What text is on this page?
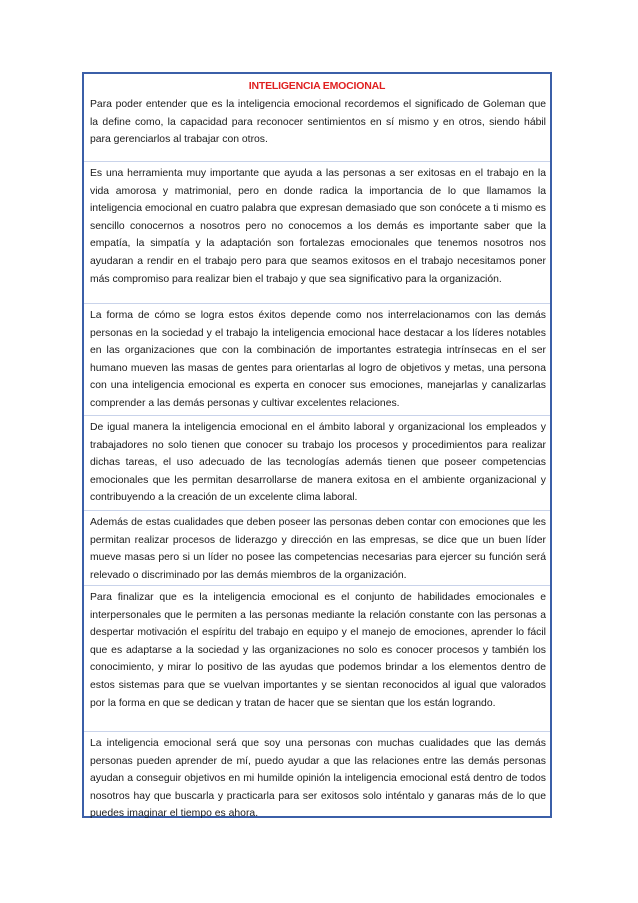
INTELIGENCIA EMOCIONAL
Para poder entender que es la inteligencia emocional recordemos el significado de Goleman que la define como, la capacidad para reconocer sentimientos en sí mismo y en otros, siendo hábil para gerenciarlos al trabajar con otros.
Es una herramienta muy importante que ayuda a las personas a ser exitosas en el trabajo en la vida amorosa y matrimonial, pero en donde radica la importancia de lo que llamamos la inteligencia emocional en cuatro palabra que expresan demasiado que son conócete a ti mismo es sencillo conocernos a nosotros pero no conocemos a los demás es importante saber que la empatía, la simpatía y la adaptación son fortalezas emocionales que tenemos nosotros nos ayudaran a rendir en el trabajo pero para que seamos exitosos en el trabajo necesitamos poner más compromiso para realizar bien el trabajo y que sea significativo para la organización.
La forma de cómo se logra estos éxitos depende como nos interrelacionamos con las demás personas en la sociedad y el trabajo la inteligencia emocional hace destacar a los líderes notables en las organizaciones que con la combinación de importantes estrategia intrínsecas en el ser humano mueven las masas de gentes para orientarlas al logro de objetivos y metas, una persona con una inteligencia emocional es experta en conocer sus emociones, manejarlas y canalizarlas comprender a las demás personas y cultivar excelentes relaciones.
De igual manera la inteligencia emocional en el ámbito laboral y organizacional los empleados y trabajadores no solo tienen que conocer su trabajo los procesos y procedimientos para realizar dichas tareas, el uso adecuado de las tecnologías además tienen que poseer competencias emocionales que les permitan desarrollarse de manera exitosa en el ambiente organizacional y contribuyendo a la creación de un excelente clima laboral.
Además de estas cualidades que deben poseer las personas deben contar con emociones que les permitan realizar procesos de liderazgo y dirección en las empresas, se dice que un buen líder mueve masas pero si un líder no posee las competencias necesarias para ejercer su función será relevado o discriminado por las demás miembros de la organización.
Para finalizar que es la inteligencia emocional es el conjunto de habilidades emocionales e interpersonales que le permiten a las personas mediante la relación constante con las personas a despertar motivación el espíritu del trabajo en equipo y el manejo de emociones, aprender lo fácil que es adaptarse a la sociedad y las organizaciones no solo es conocer procesos y también los conocimiento, y mirar lo positivo de las ayudas que podemos brindar a los elementos dentro de estos sistemas para que se vuelvan importantes y se sientan reconocidos al igual que valorados por la forma en que se dedican y tratan de hacer que se sientan que los están logrando.
La inteligencia emocional será que soy una personas con muchas cualidades que las demás personas pueden aprender de mí, puedo ayudar a que las relaciones entre las demás personas ayudan a conseguir objetivos en mi humilde opinión la inteligencia emocional está dentro de todos nosotros hay que buscarla y practicarla para ser exitosos solo inténtalo y ganaras más de lo que puedes imaginar el tiempo es ahora.
